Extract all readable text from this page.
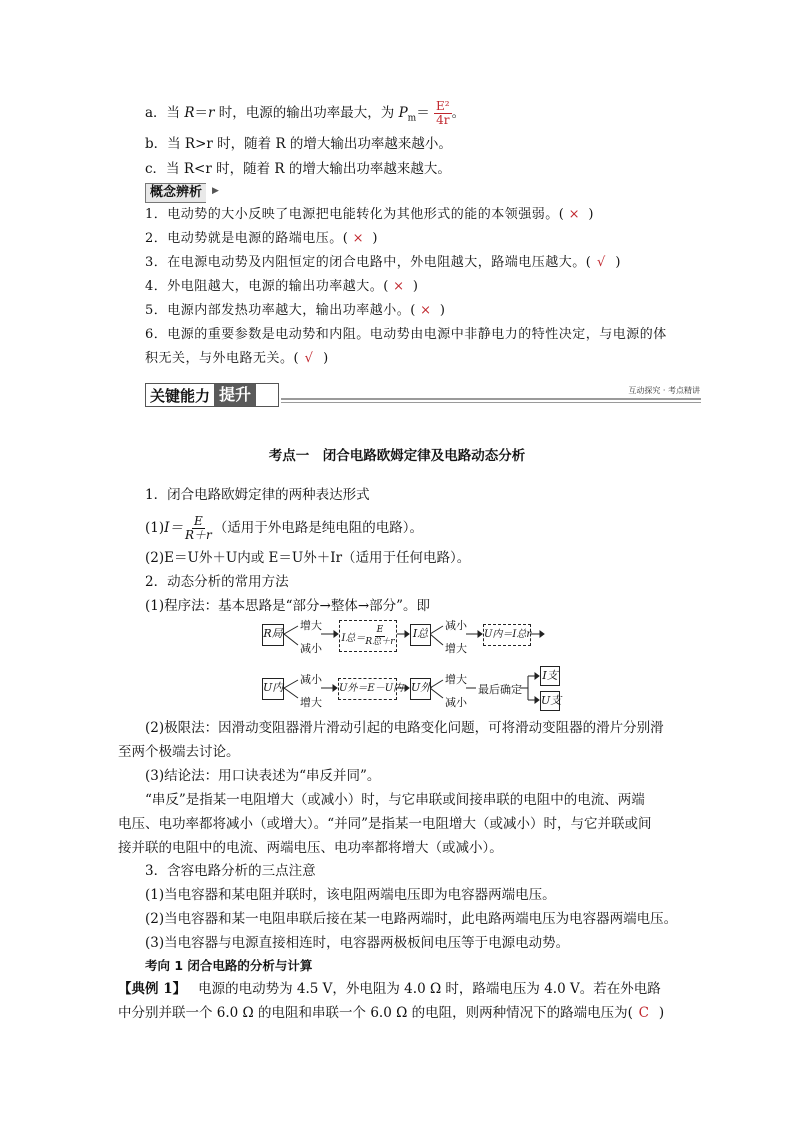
a．当 R＝r 时，电源的输出功率最大，为 $P_m= \frac{\text{E²}}{4r}$ 。
b．当 R>r 时，随着 R 的增大输出功率越来越小。
c．当 R<r 时，随着 R 的增大输出功率越来越大。
概念辨析	▶
1．电动势的大小反映了电源把电能转化为其他形式的能的本领强弱。( × )
2．电动势就是电源的路端电压。( × )
3．在电源电动势及内阻恒定的闭合电路中，外电阻越大，路端电压越大。( √ )
4．外电阻越大，电源的输出功率越大。( × )
5．电源内部发热功率越大，输出功率越小。( × )
6．电源的重要参数是电动势和内阻。电动势由电源中非静电力的特性决定，与电源的体
积无关，与外电路无关。( √ )
关键能力 提升	互动探究 · 考点精讲
考点一　闭合电路欧姆定律及电路动态分析
1．闭合电路欧姆定律的两种表达形式
(1) $I= \frac{E}{R+r}$ （适用于外电路是纯电阻的电路）。
(2)E＝U外＋U内或 E＝U外＋Ir（适用于任何电路）。
2．动态分析的常用方法
(1)程序法：基本思路是“部分→整体→部分”。即
R局
增大
减小
I总＝ $\frac{E}{\text{R总＋r}}$ I总
减小
增大
U内＝I总r
U内
减小
增大
U外＝E－U内 U外
增大
减小
最后确定
I支
U支
(2)极限法：因滑动变阻器滑片滑动引起的电路变化问题，可将滑动变阻器的滑片分别滑
至两个极端去讨论。
(3)结论法：用口诀表述为“串反并同”。
“串反”是指某一电阻增大（或减小）时，与它串联或间接串联的电阻中的电流、两端
电压、电功率都将减小（或增大）。“并同”是指某一电阻增大（或减小）时，与它并联或间
接并联的电阻中的电流、两端电压、电功率都将增大（或减小）。
3．含容电路分析的三点注意
(1)当电容器和某电阻并联时，该电阻两端电压即为电容器两端电压。
(2)当电容器和某一电阻串联后接在某一电路两端时，此电路两端电压为电容器两端电压。
(3)当电容器与电源直接相连时，电容器两极板间电压等于电源电动势。
考向 1 闭合电路的分析与计算
【典例 1】 电源的电动势为 4.5 V，外电阻为 4.0 Ω 时，路端电压为 4.0 V。若在外电路
中分别并联一个 6.0 Ω 的电阻和串联一个 6.0 Ω 的电阻，则两种情况下的路端电压为( C )
